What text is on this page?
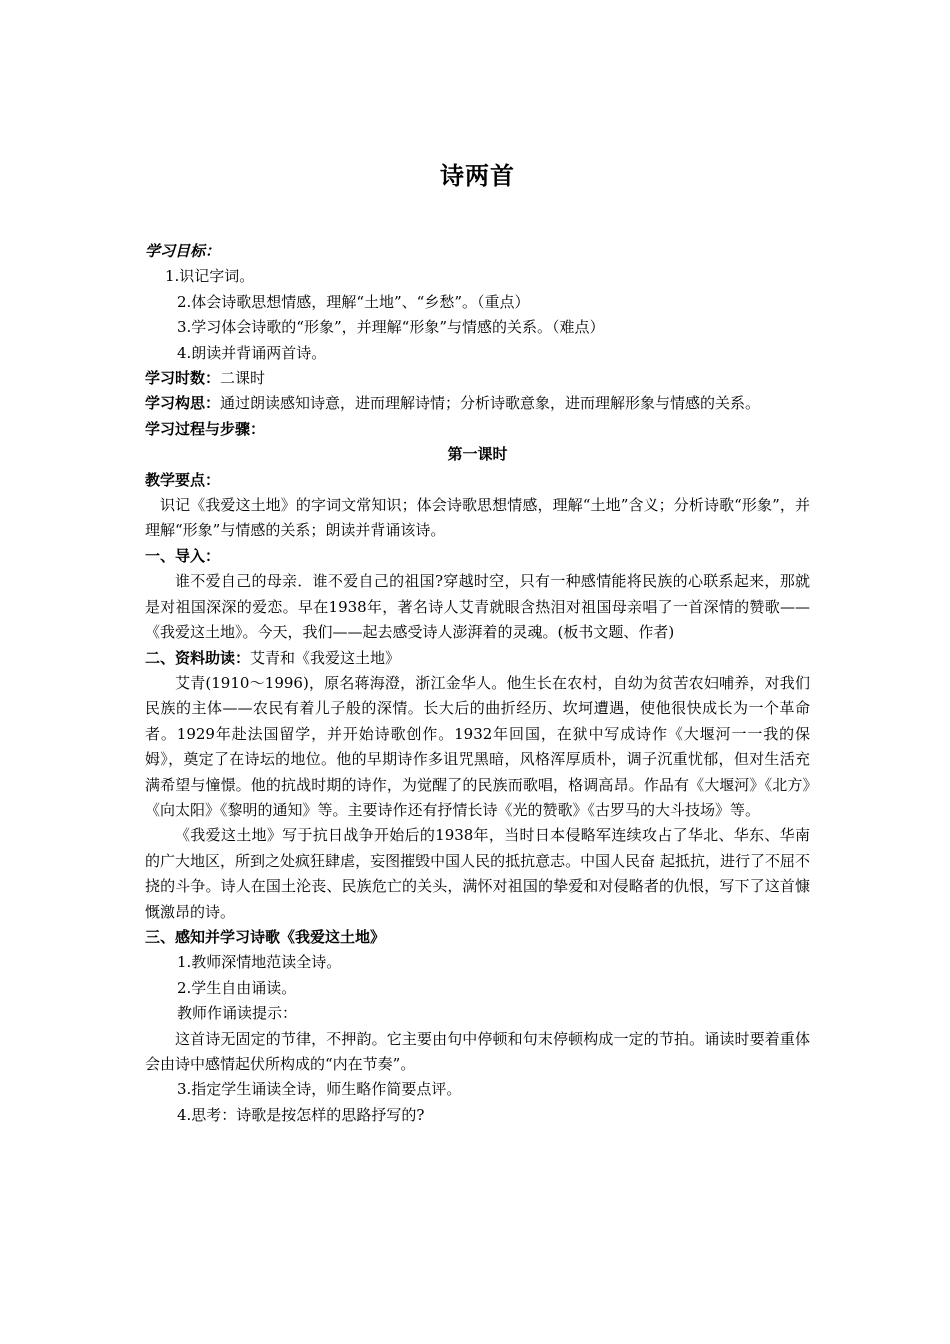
诗两首

学习目标：

1.识记字词。

2.体会诗歌思想情感，理解“土地”、“乡愁”。（重点）

3.学习体会诗歌的“形象”，并理解“形象”与情感的关系。（难点）

4.朗读并背诵两首诗。

学习时数：二课时

学习构思：通过朗读感知诗意，进而理解诗情；分析诗歌意象，进而理解形象与情感的关系。

学习过程与步骤：

第一课时

教学要点：

识记《我爱这土地》的字词文常知识；体会诗歌思想情感，理解“土地”含义；分析诗歌“形象”，并理解“形象”与情感的关系；朗读并背诵该诗。

一、导入：

谁不爱自己的母亲．谁不爱自己的祖国?穿越时空，只有一种感情能将民族的心联系起来，那就是对祖国深深的爱恋。早在1938年，著名诗人艾青就眼含热泪对祖国母亲唱了一首深情的赞歌——《我爱这土地》。今天，我们——起去感受诗人澎湃着的灵魂。(板书文题、作者)

二、资料助读：艾青和《我爱这土地》

艾青(1910～1996)，原名蒋海澄，浙江金华人。他生长在农村，自幼为贫苦农妇哺养，对我们民族的主体——农民有着儿子般的深情。长大后的曲折经历、坎坷遭遇，使他很快成长为一个革命者。1929年赴法国留学，并开始诗歌创作。1932年回国，在狱中写成诗作《大堰河一一我的保姆》，奠定了在诗坛的地位。他的早期诗作多诅咒黑暗，风格浑厚质朴，调子沉重忧郁，但对生活充满希望与憧憬。他的抗战时期的诗作，为觉醒了的民族而歌唱，格调高昂。作品有《大堰河》《北方》《向太阳》《黎明的通知》等。主要诗作还有抒情长诗《光的赞歌》《古罗马的大斗技场》等。

《我爱这土地》写于抗日战争开始后的1938年，当时日本侵略军连续攻占了华北、华东、华南的广大地区，所到之处疯狂肆虐，妄图摧毁中国人民的抵抗意志。中国人民奋 起抵抗，进行了不屈不挠的斗争。诗人在国土沦丧、民族危亡的关头，满怀对祖国的挚爱和对侵略者的仇恨，写下了这首慷慨激昂的诗。

三、感知并学习诗歌《我爱这土地》

1.教师深情地范读全诗。

2.学生自由诵读。

教师作诵读提示：

这首诗无固定的节律，不押韵。它主要由句中停顿和句末停顿构成一定的节拍。诵读时要着重体会由诗中感情起伏所构成的“内在节奏”。

3.指定学生诵读全诗，师生略作简要点评。

4.思考：诗歌是按怎样的思路抒写的?
